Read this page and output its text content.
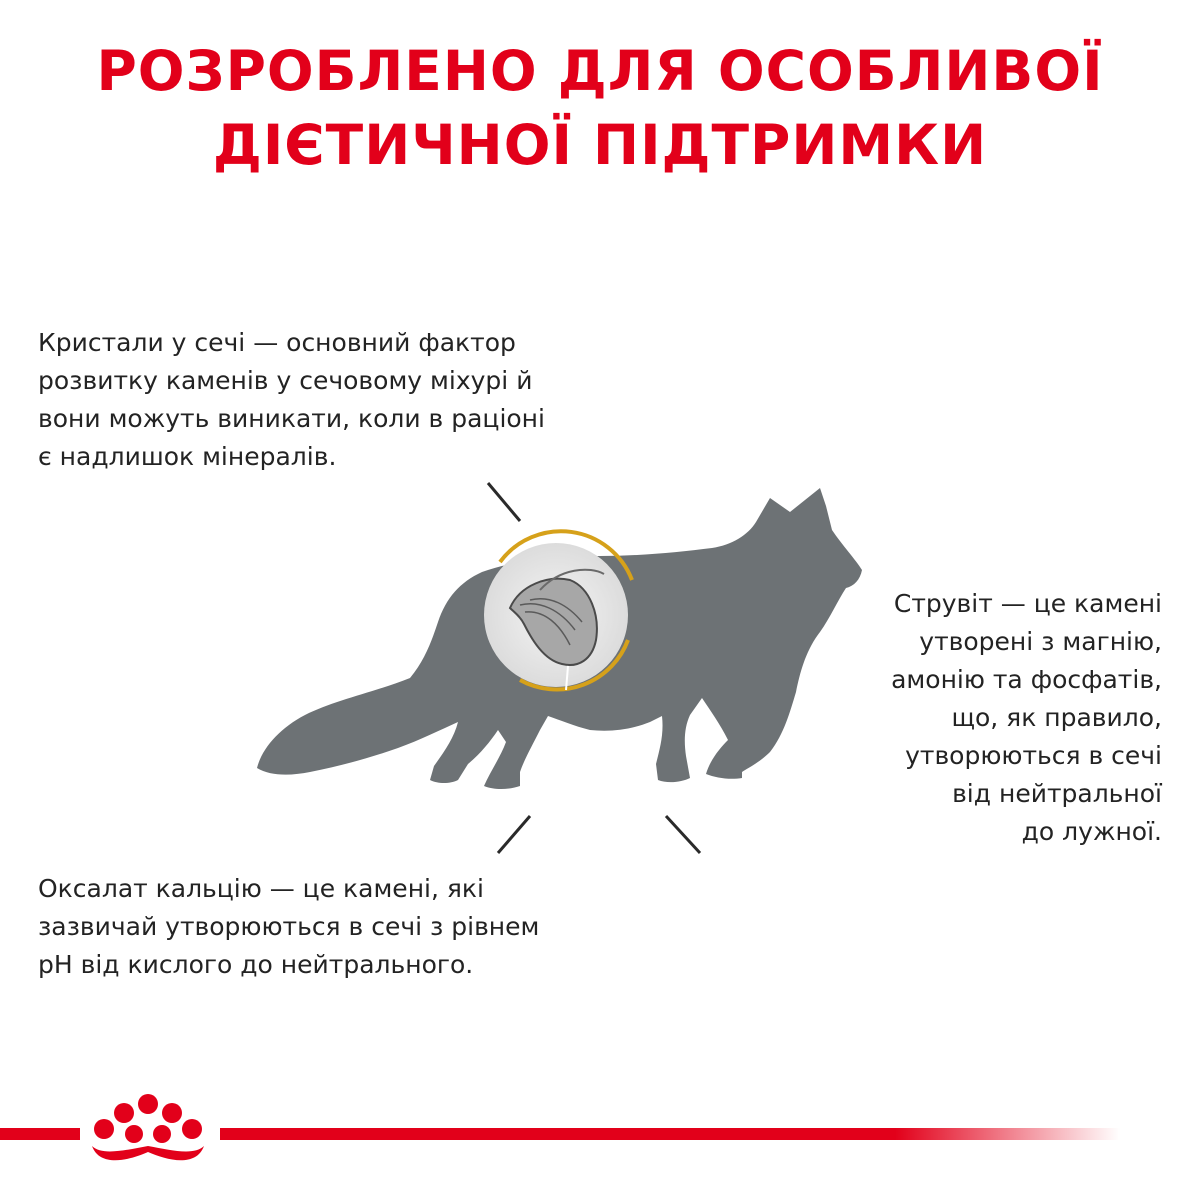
РОЗРОБЛЕНО ДЛЯ ОСОБЛИВОЇ
ДІЄТИЧНОЇ ПІДТРИМКИ
Кристали у сечі — основний фактор
розвитку каменів у сечовому міхурі й
вони можуть виникати, коли в раціоні
є надлишок мінералів.
Струвіт — це камені
утворені з магнію,
амонію та фосфатів,
що, як правило,
утворюються в сечі
від нейтральної
до лужної.
Оксалат кальцію — це камені, які
зазвичай утворюються в сечі з рівнем
pH від кислого до нейтрального.
